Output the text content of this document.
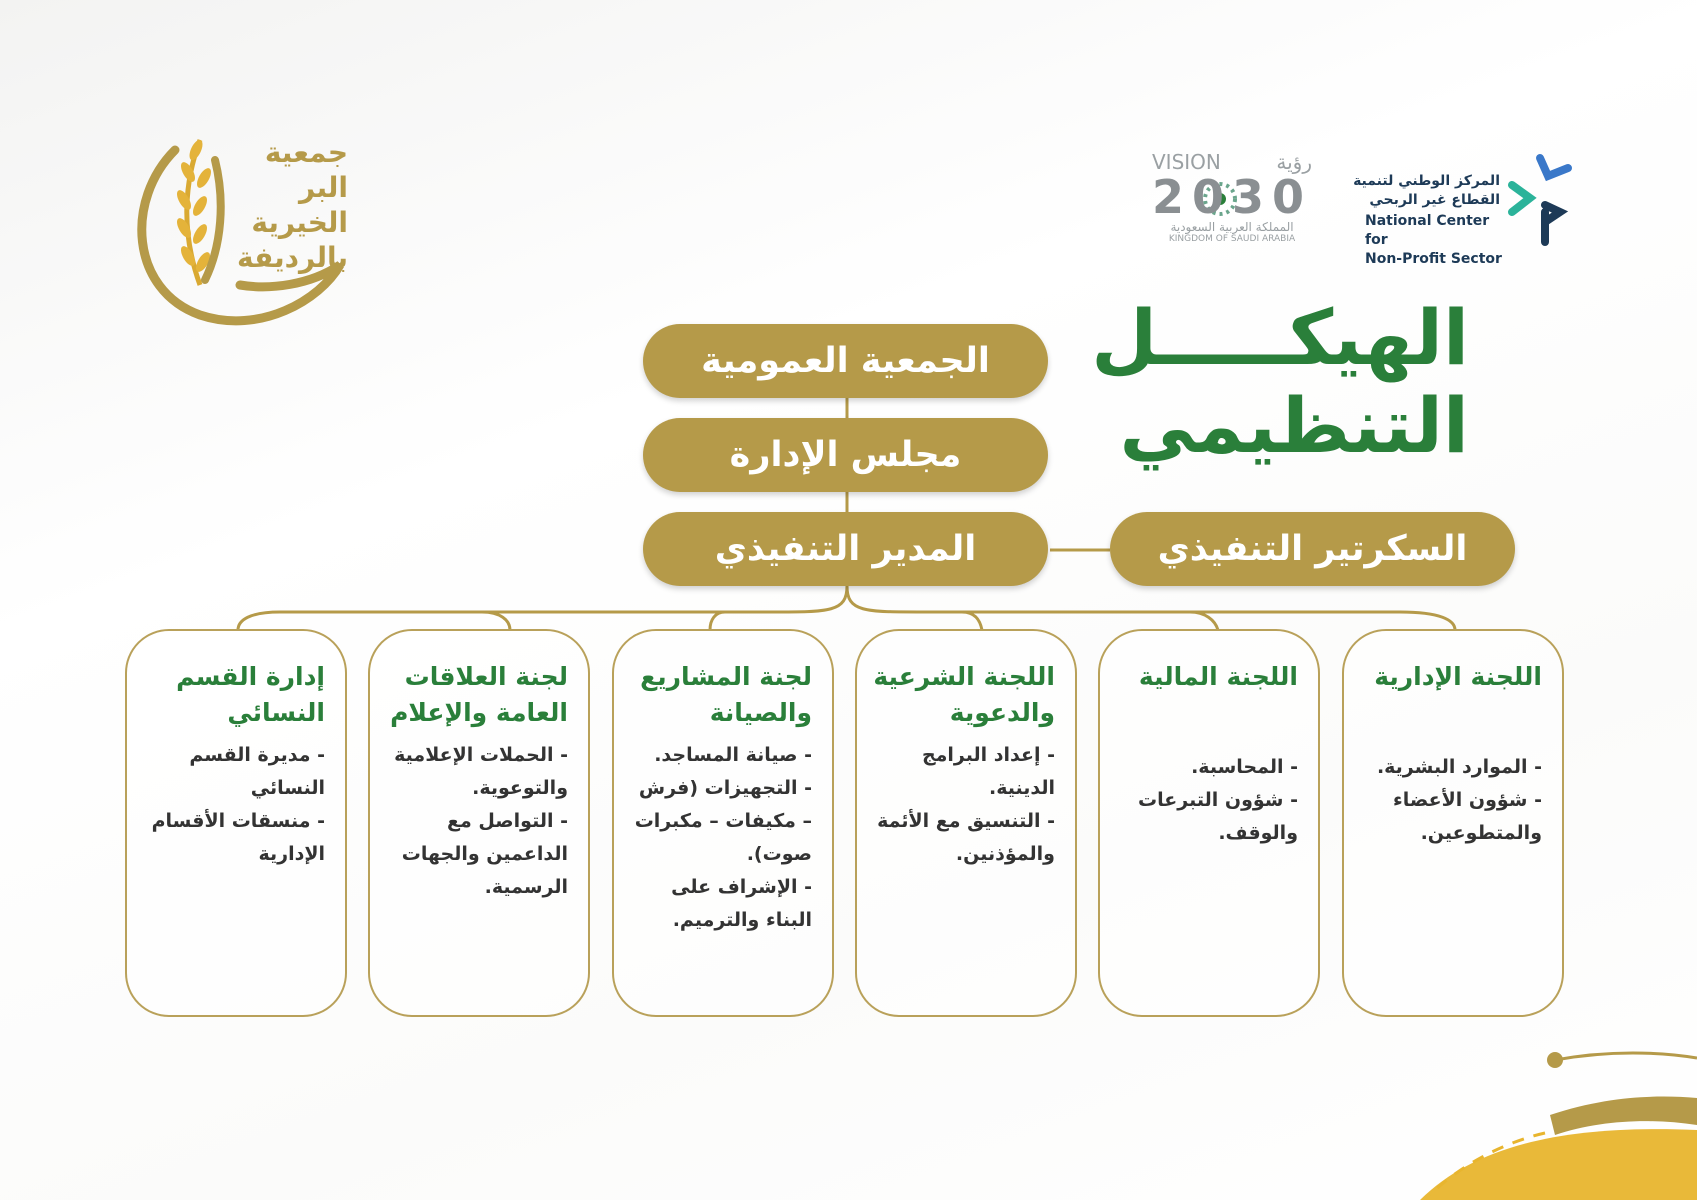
جمعية
البر
الخيرية
بالرديفة
VISION	رؤية
2030
المملكة العربية السعودية
KINGDOM OF SAUDI ARABIA
المركز الوطني لتنمية
القطاع غير الربحي
National Center for
Non-Profit Sector
الهيكـــــل
التنظيمي
الجمعية العمومية
مجلس الإدارة
المدير التنفيذي	السكرتير التنفيذي
اللجنة الإدارية
- الموارد البشرية.
- شؤون الأعضاء والمتطوعين.
اللجنة المالية
- المحاسبة.
- شؤون التبرعات والوقف.
اللجنة الشرعية والدعوية
- إعداد البرامج الدينية.
- التنسيق مع الأئمة والمؤذنين.
لجنة المشاريع والصيانة
- صيانة المساجد.
- التجهيزات (فرش – مكيفات – مكبرات صوت).
- الإشراف على البناء والترميم.
لجنة العلاقات العامة والإعلام
- الحملات الإعلامية والتوعوية.
- التواصل مع الداعمين والجهات الرسمية.
إدارة القسم النسائي
- مديرة القسم النسائي
- منسقات الأقسام الإدارية
